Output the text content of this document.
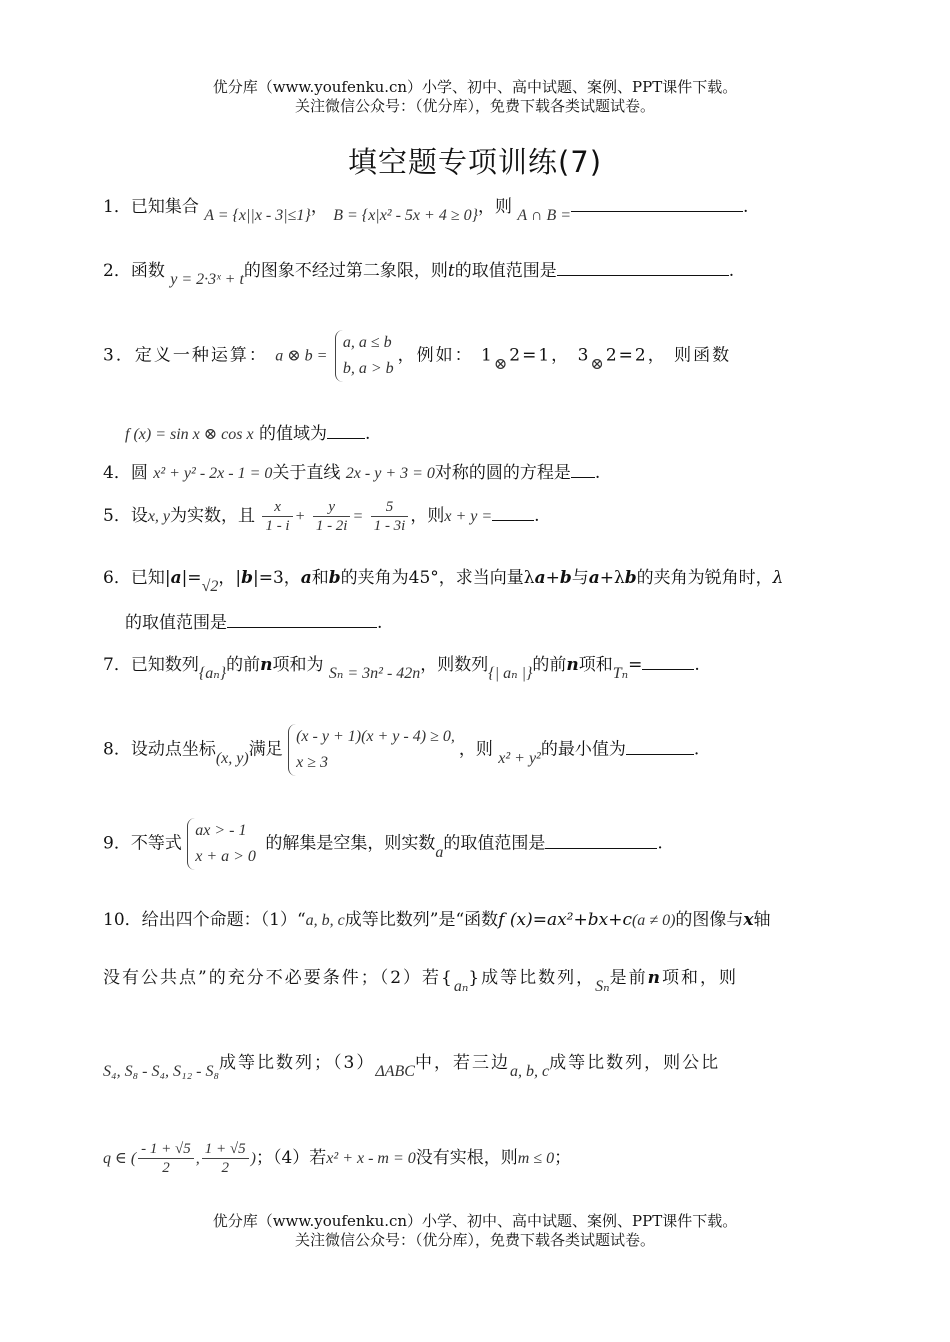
优分库（www.youfenku.cn）小学、初中、高中试题、案例、PPT课件下载。
关注微信公众号：（优分库），免费下载各类试题试卷。
填空题专项训练(7)
1．已知集合 A = {x||x - 3|≤1}， B = {x|x² - 5x + 4 ≥ 0}，则 A ∩ B =	.
2．函数 y = 2·3ˣ + t的图象不经过第二象限，则t的取值范围是	.
3．定义一种运算： a ⊗ b =
a, a ≤ b
b, a > b
，例如： 1⊗2=1， 3⊗2=2， 则函数
f (x) = sin x ⊗ cos x 的值域为 .
4．圆 x² + y² - 2x - 1 = 0关于直线 2x - y + 3 = 0对称的圆的方程是 .
5．设x, y为实数，且 $\frac{x}{1 - i} + \frac{y}{1 - 2i} = \frac{5}{1 - 3i}$ ，则x + y = .
6．已知|a|=√2，|b|=3，a和b的夹角为45°，求当向量λa+b与a+λb的夹角为锐角时，λ
的取值范围是	.
7．已知数列{aₙ}的前n项和为 Sₙ = 3n² - 42n，则数列{| aₙ |}的前n项和Tₙ=	.
8．设动点坐标(x, y)满足
(x - y + 1)(x + y - 4) ≥ 0,
x ≥ 3
，则 x² + y²的最小值为	.
9．不等式
ax > - 1
x + a > 0
的解集是空集，则实数a的取值范围是	.
10．给出四个命题：（1）“a, b, c成等比数列”是“函数f (x)=ax²+bx+c(a ≠ 0)的图像与x轴
没有公共点”的充分不必要条件；（2）若{aₙ}成等比数列，Sₙ是前n项和，则
S₄, S₈ - S₄, S₁₂ - S₈成等比数列；（3）ΔABC中，若三边a, b, c成等比数列，则公比
q ∈ ( $\frac{- 1 + √5}{2}$ , $\frac{1 + √5}{2}$ )；（4）若x² + x - m = 0没有实根，则m ≤ 0；
优分库（www.youfenku.cn）小学、初中、高中试题、案例、PPT课件下载。
关注微信公众号：（优分库），免费下载各类试题试卷。
